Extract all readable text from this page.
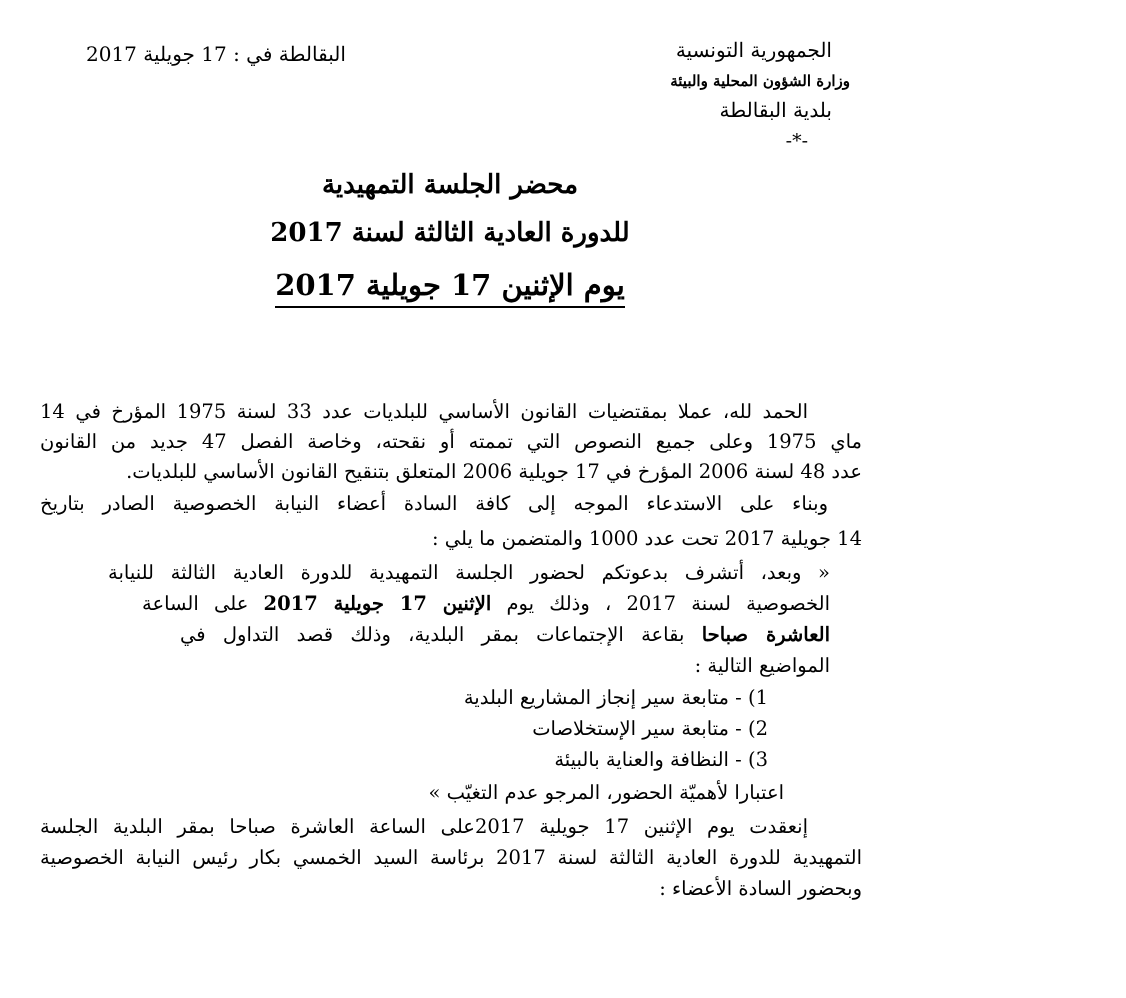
الجمهورية التونسية
وزارة الشؤون المحلية والبيئة
بلدية البقالطة
-*-
البقالطة في : 17 جويلية 2017
محضر الجلسة التمهيدية
للدورة العادية الثالثة لسنة 2017
يوم الإثنين 17 جويلية 2017
الحمد لله، عملا بمقتضيات القانون الأساسي للبلديات عدد 33 لسنة 1975 المؤرخ في 14
ماي 1975 وعلى جميع النصوص التي تممته أو نقحته، وخاصة الفصل 47 جديد من القانون
عدد 48 لسنة 2006 المؤرخ في 17 جويلية 2006 المتعلق بتنقيح القانون الأساسي للبلديات.
وبناء على الاستدعاء الموجه إلى كافة السادة أعضاء النيابة الخصوصية الصادر بتاريخ
14 جويلية 2017 تحت عدد 1000 والمتضمن ما يلي :
« وبعد، أتشرف بدعوتكم لحضور الجلسة التمهيدية للدورة العادية الثالثة للنيابة
الخصوصية لسنة 2017 ، وذلك يوم الإثنين 17 جويلية 2017 على الساعة
العاشرة صباحا بقاعة الإجتماعات بمقر البلدية، وذلك قصد التداول في
المواضيع التالية :
1) - متابعة سير إنجاز المشاريع البلدية
2) - متابعة سير الإستخلاصات
3) - النظافة والعناية بالبيئة
اعتبارا لأهميّة الحضور، المرجو عدم التغيّب »
إنعقدت يوم الإثنين 17 جويلية 2017على الساعة العاشرة صباحا بمقر البلدية الجلسة
التمهيدية للدورة العادية الثالثة لسنة 2017 برئاسة السيد الخمسي بكار رئيس النيابة الخصوصية
وبحضور السادة الأعضاء :
